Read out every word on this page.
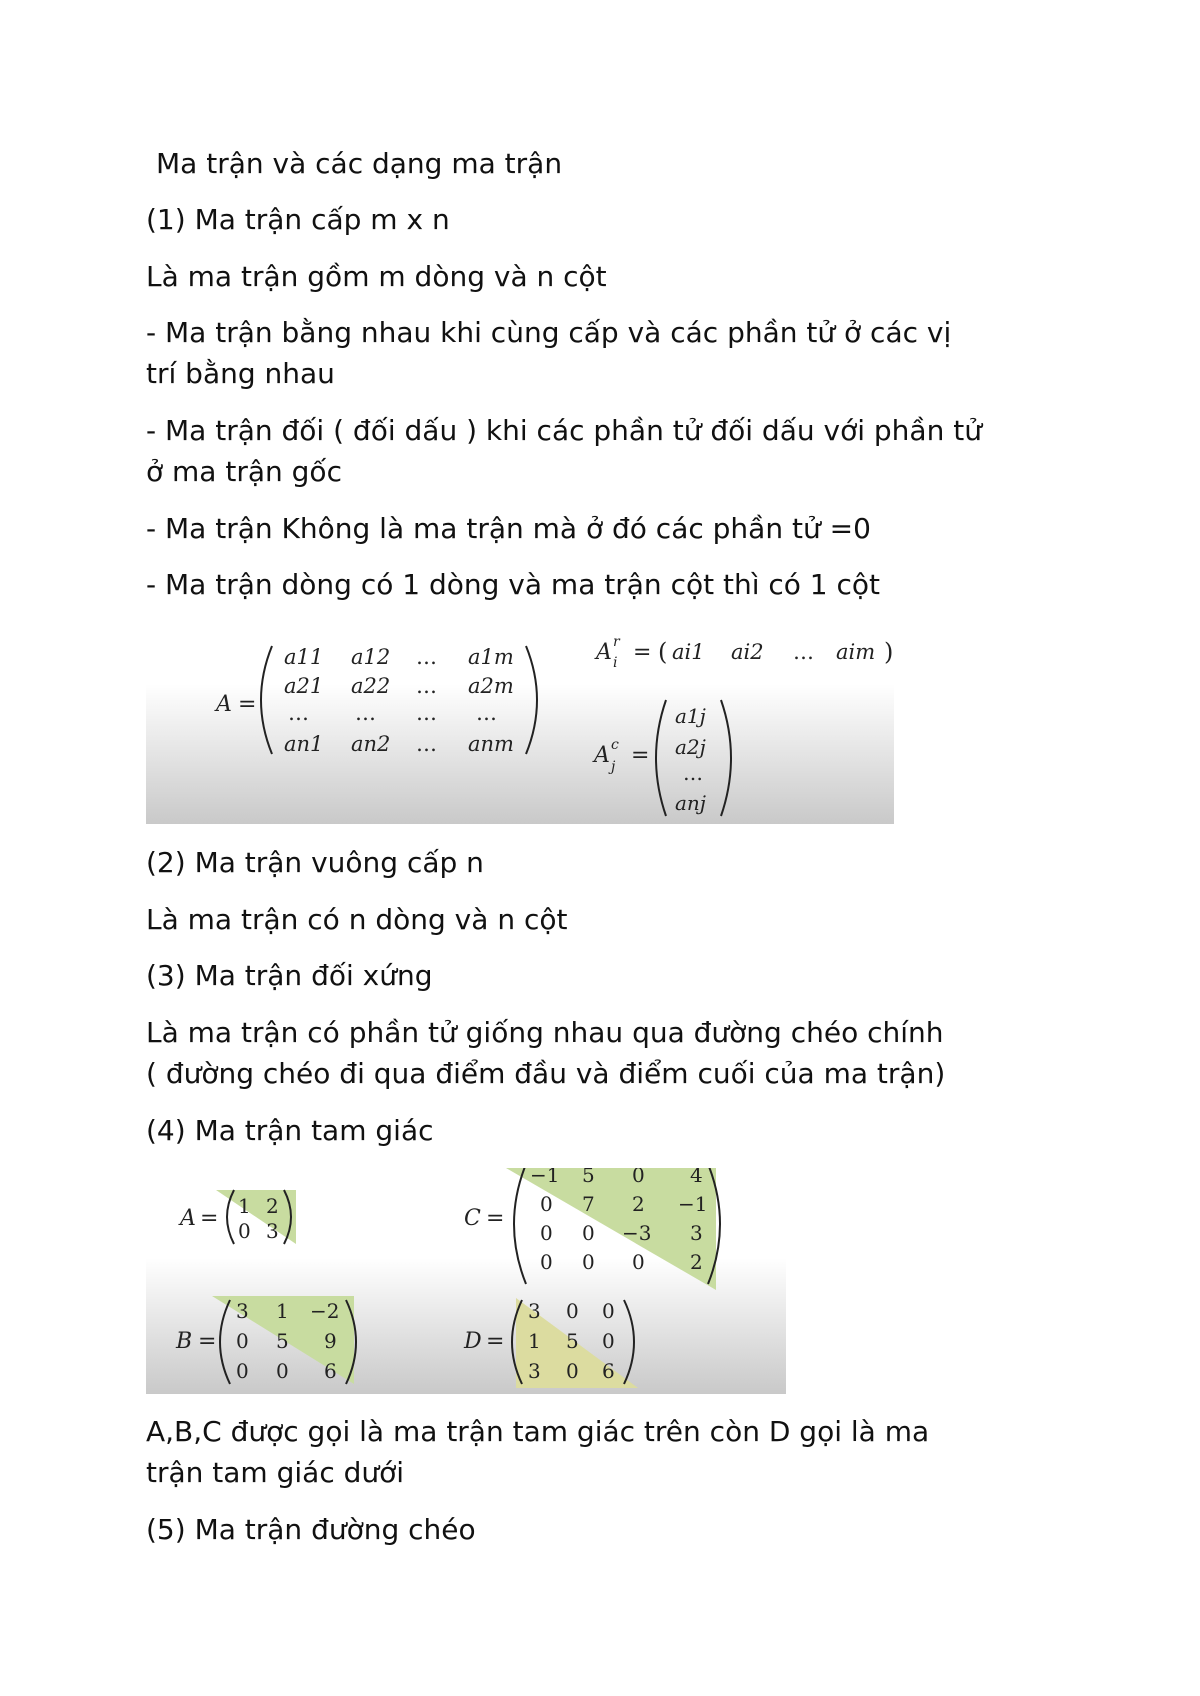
Ma trận và các dạng ma trận
(1) Ma trận cấp m x n
Là ma trận gồm m dòng và n cột
- Ma trận bằng nhau khi cùng cấp và các phần tử ở các vị
trí bằng nhau
- Ma trận đối ( đối dấu ) khi các phần tử đối dấu với phần tử
ở ma trận gốc
- Ma trận Không là ma trận mà ở đó các phần tử =0
- Ma trận dòng có 1 dòng và ma trận cột thì có 1 cột
A =
a11 a12 … a1m
a21 a22 … a2m
… … … …
an1 an2 … anm
A r
i = ( ai1 ai2 … aim )
A c
j =
a1j
a2j
…
anj
(2) Ma trận vuông cấp n
Là ma trận có n dòng và n cột
(3) Ma trận đối xứng
Là ma trận có phần tử giống nhau qua đường chéo chính
( đường chéo đi qua điểm đầu và điểm cuối của ma trận)
(4) Ma trận tam giác
A = 1 2
0 3	C =
−1 5 0 4
0 7 2 −1
0 0 −3 3
0 0 0 2
B =
3 1 −2
0 5 9
0 0 6
D =
3 0 0
1 5 0
3 0 6
A,B,C được gọi là ma trận tam giác trên còn D gọi là ma
trận tam giác dưới
(5) Ma trận đường chéo
